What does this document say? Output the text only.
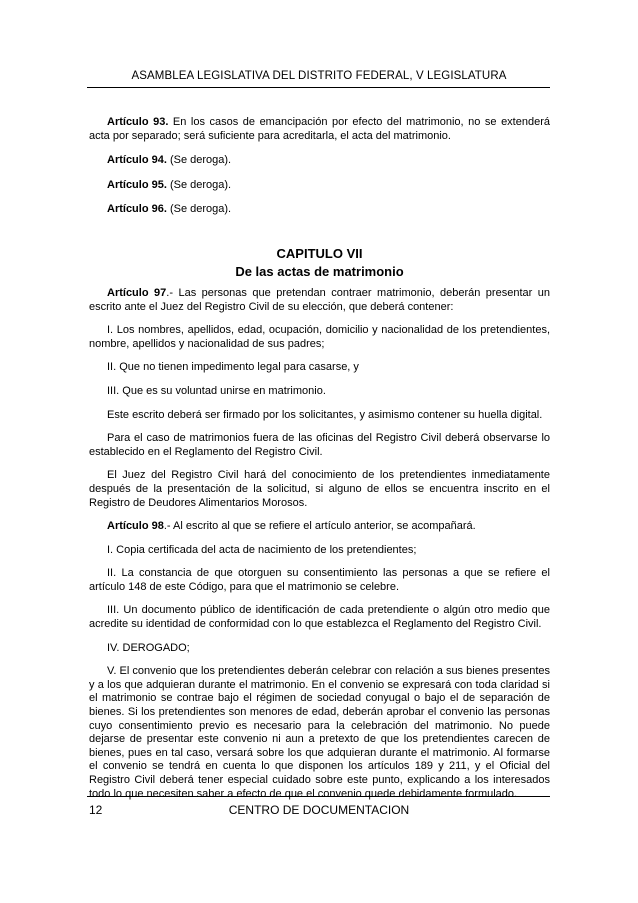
ASAMBLEA LEGISLATIVA DEL DISTRITO FEDERAL, V LEGISLATURA

Artículo 93. En los casos de emancipación por efecto del matrimonio, no se extenderá acta por separado; será suficiente para acreditarla, el acta del matrimonio.

Artículo 94. (Se deroga).

Artículo 95. (Se deroga).

Artículo 96. (Se deroga).

CAPITULO VII
De las actas de matrimonio

Artículo 97.- Las personas que pretendan contraer matrimonio, deberán presentar un escrito ante el Juez del Registro Civil de su elección, que deberá contener:

I. Los nombres, apellidos, edad, ocupación, domicilio y nacionalidad de los pretendientes, nombre, apellidos y nacionalidad de sus padres;

II. Que no tienen impedimento legal para casarse, y

III. Que es su voluntad unirse en matrimonio.

Este escrito deberá ser firmado por los solicitantes, y asimismo contener su huella digital.

Para el caso de matrimonios fuera de las oficinas del Registro Civil deberá observarse lo establecido en el Reglamento del Registro Civil.

El Juez del Registro Civil hará del conocimiento de los pretendientes inmediatamente después de la presentación de la solicitud, si alguno de ellos se encuentra inscrito en el Registro de Deudores Alimentarios Morosos.

Artículo 98.- Al escrito al que se refiere el artículo anterior, se acompañará.

I. Copia certificada del acta de nacimiento de los pretendientes;

II. La constancia de que otorguen su consentimiento las personas a que se refiere el artículo 148 de este Código, para que el matrimonio se celebre.

III. Un documento público de identificación de cada pretendiente o algún otro medio que acredite su identidad de conformidad con lo que establezca el Reglamento del Registro Civil.

IV. DEROGADO;

V. El convenio que los pretendientes deberán celebrar con relación a sus bienes presentes y a los que adquieran durante el matrimonio. En el convenio se expresará con toda claridad si el matrimonio se contrae bajo el régimen de sociedad conyugal o bajo el de separación de bienes. Si los pretendientes son menores de edad, deberán aprobar el convenio las personas cuyo consentimiento previo es necesario para la celebración del matrimonio. No puede dejarse de presentar este convenio ni aun a pretexto de que los pretendientes carecen de bienes, pues en tal caso, versará sobre los que adquieran durante el matrimonio. Al formarse el convenio se tendrá en cuenta lo que disponen los artículos 189 y 211, y el Oficial del Registro Civil deberá tener especial cuidado sobre este punto, explicando a los interesados todo lo que necesiten saber a efecto de que el convenio quede debidamente formulado.

12	CENTRO DE DOCUMENTACION
